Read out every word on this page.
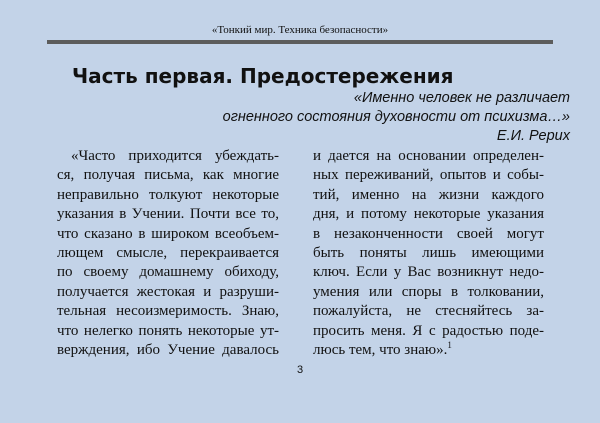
«Тонкий мир. Техника безопасности»
Часть первая. Предостережения
«Именно человек не различает
огненного состояния духовности от психизма…»
Е.И. Рерих
«Часто приходится убеждать-
ся, получая письма, как многие
неправильно толкуют некоторые
указания в Учении. Почти все то,
что сказано в широком всеобъем-
лющем смысле, перекраивается
по своему домашнему обиходу,
получается жестокая и разруши-
тельная несоизмеримость. Знаю,
что нелегко понять некоторые ут-
верждения, ибо Учение давалось
и дается на основании определен-
ных переживаний, опытов и собы-
тий, именно на жизни каждого
дня, и потому некоторые указания
в незаконченности своей могут
быть поняты лишь имеющими
ключ. Если у Вас возникнут недо-
умения или споры в толковании,
пожалуйста, не стесняйтесь за-
просить меня. Я с радостью поде-
люсь тем, что знаю».$^1$
3
